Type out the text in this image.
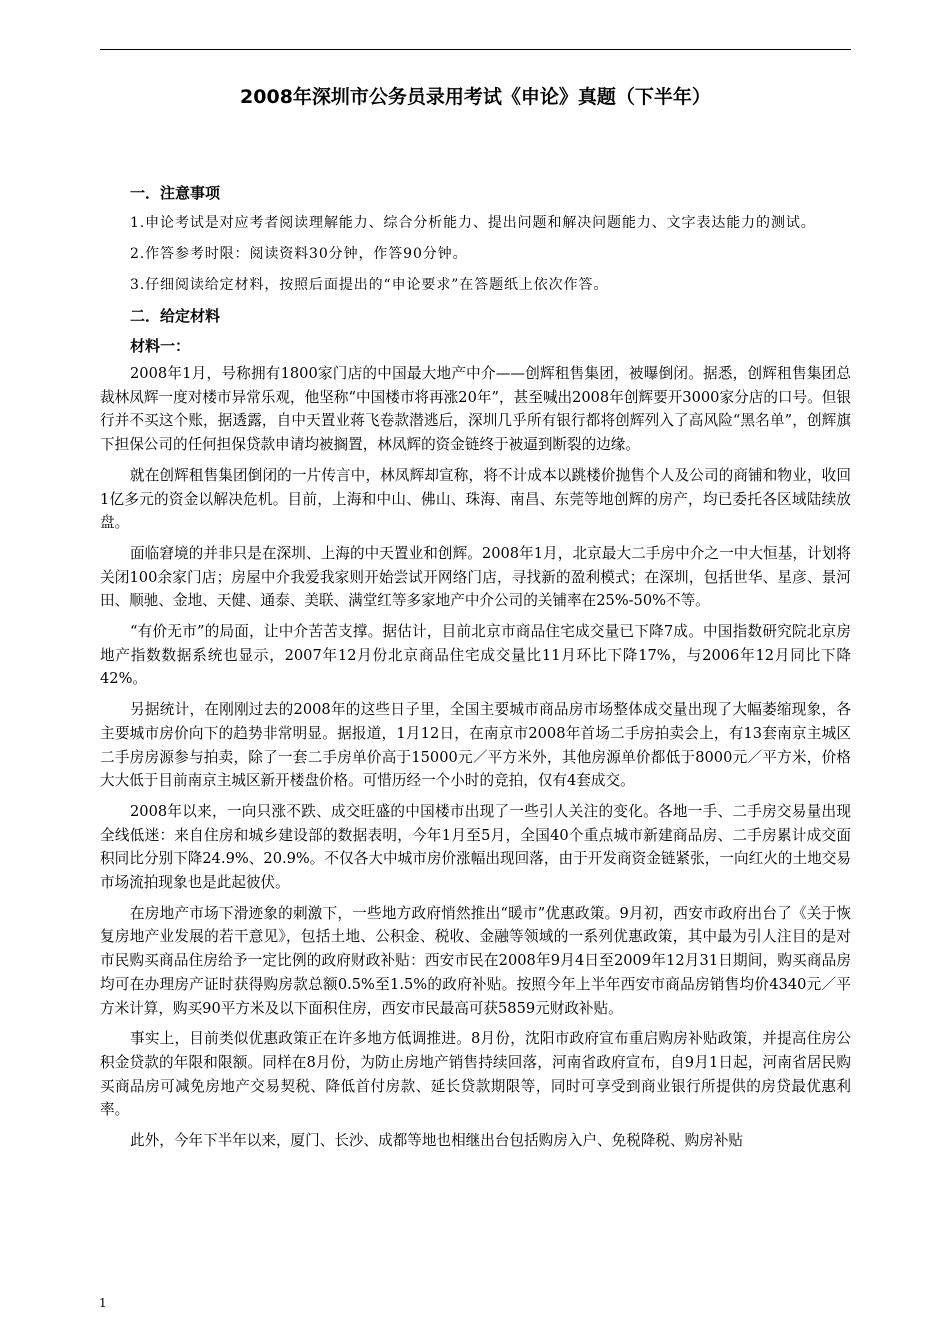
2008年深圳市公务员录用考试《申论》真题（下半年）

一．注意事项

1.申论考试是对应考者阅读理解能力、综合分析能力、提出问题和解决问题能力、文字表达能力的测试。

2.作答参考时限：阅读资料30分钟，作答90分钟。

3.仔细阅读给定材料，按照后面提出的“申论要求”在答题纸上依次作答。

二．给定材料

材料一：

2008年1月，号称拥有1800家门店的中国最大地产中介——创辉租售集团，被曝倒闭。据悉，创辉租售集团总裁林凤辉一度对楼市异常乐观，他坚称“中国楼市将再涨20年”，甚至喊出2008年创辉要开3000家分店的口号。但银行并不买这个账，据透露，自中天置业蒋飞卷款潜逃后，深圳几乎所有银行都将创辉列入了高风险“黑名单”，创辉旗下担保公司的任何担保贷款申请均被搁置，林凤辉的资金链终于被逼到断裂的边缘。

就在创辉租售集团倒闭的一片传言中，林凤辉却宣称，将不计成本以跳楼价抛售个人及公司的商铺和物业，收回1亿多元的资金以解决危机。目前，上海和中山、佛山、珠海、南昌、东莞等地创辉的房产，均已委托各区域陆续放盘。

面临窘境的并非只是在深圳、上海的中天置业和创辉。2008年1月，北京最大二手房中介之一中大恒基，计划将关闭100余家门店；房屋中介我爱我家则开始尝试开网络门店，寻找新的盈利模式；在深圳，包括世华、星彦、景河田、顺驰、金地、天健、通泰、美联、满堂红等多家地产中介公司的关铺率在25%-50%不等。

“有价无市”的局面，让中介苦苦支撑。据估计，目前北京市商品住宅成交量已下降7成。中国指数研究院北京房地产指数数据系统也显示，2007年12月份北京商品住宅成交量比11月环比下降17%，与2006年12月同比下降42%。

另据统计，在刚刚过去的2008年的这些日子里，全国主要城市商品房市场整体成交量出现了大幅萎缩现象，各主要城市房价向下的趋势非常明显。据报道，1月12日，在南京市2008年首场二手房拍卖会上，有13套南京主城区二手房房源参与拍卖，除了一套二手房单价高于15000元／平方米外，其他房源单价都低于8000元／平方米，价格大大低于目前南京主城区新开楼盘价格。可惜历经一个小时的竞拍，仅有4套成交。

2008年以来，一向只涨不跌、成交旺盛的中国楼市出现了一些引人关注的变化。各地一手、二手房交易量出现全线低迷：来自住房和城乡建设部的数据表明，今年1月至5月，全国40个重点城市新建商品房、二手房累计成交面积同比分别下降24.9%、20.9%。不仅各大中城市房价涨幅出现回落，由于开发商资金链紧张，一向红火的土地交易市场流拍现象也是此起彼伏。

在房地产市场下滑迹象的刺激下，一些地方政府悄然推出“暖市”优惠政策。9月初，西安市政府出台了《关于恢复房地产业发展的若干意见》，包括土地、公积金、税收、金融等领域的一系列优惠政策，其中最为引人注目的是对市民购买商品住房给予一定比例的政府财政补贴：西安市民在2008年9月4日至2009年12月31日期间，购买商品房均可在办理房产证时获得购房款总额0.5%至1.5%的政府补贴。按照今年上半年西安市商品房销售均价4340元／平方米计算，购买90平方米及以下面积住房，西安市民最高可获5859元财政补贴。

事实上，目前类似优惠政策正在许多地方低调推进。8月份，沈阳市政府宣布重启购房补贴政策，并提高住房公积金贷款的年限和限额。同样在8月份，为防止房地产销售持续回落，河南省政府宣布，自9月1日起，河南省居民购买商品房可减免房地产交易契税、降低首付房款、延长贷款期限等，同时可享受到商业银行所提供的房贷最优惠利率。

此外，今年下半年以来，厦门、长沙、成都等地也相继出台包括购房入户、免税降税、购房补贴

1
